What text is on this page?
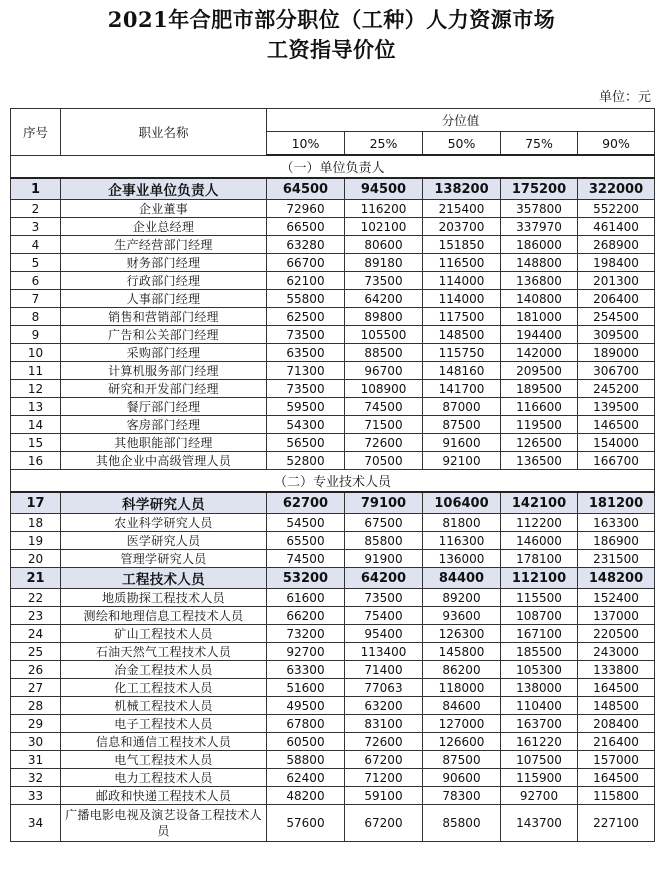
2021年合肥市部分职位（工种）人力资源市场
工资指导价位
单位：元
序号	职业名称	分位值				
		10%	25%	50%	75%	90%
（一）单位负责人						
1	企事业单位负责人	64500	94500	138200	175200	322000
2	企业董事	72960	116200	215400	357800	552200
3	企业总经理	66500	102100	203700	337970	461400
4	生产经营部门经理	63280	80600	151850	186000	268900
5	财务部门经理	66700	89180	116500	148800	198400
6	行政部门经理	62100	73500	114000	136800	201300
7	人事部门经理	55800	64200	114000	140800	206400
8	销售和营销部门经理	62500	89800	117500	181000	254500
9	广告和公关部门经理	73500	105500	148500	194400	309500
10	采购部门经理	63500	88500	115750	142000	189000
11	计算机服务部门经理	71300	96700	148160	209500	306700
12	研究和开发部门经理	73500	108900	141700	189500	245200
13	餐厅部门经理	59500	74500	87000	116600	139500
14	客房部门经理	54300	71500	87500	119500	146500
15	其他职能部门经理	56500	72600	91600	126500	154000
16	其他企业中高级管理人员	52800	70500	92100	136500	166700
（二）专业技术人员						
17	科学研究人员	62700	79100	106400	142100	181200
18	农业科学研究人员	54500	67500	81800	112200	163300
19	医学研究人员	65500	85800	116300	146000	186900
20	管理学研究人员	74500	91900	136000	178100	231500
21	工程技术人员	53200	64200	84400	112100	148200
22	地质勘探工程技术人员	61600	73500	89200	115500	152400
23	测绘和地理信息工程技术人员	66200	75400	93600	108700	137000
24	矿山工程技术人员	73200	95400	126300	167100	220500
25	石油天然气工程技术人员	92700	113400	145800	185500	243000
26	冶金工程技术人员	63300	71400	86200	105300	133800
27	化工工程技术人员	51600	77063	118000	138000	164500
28	机械工程技术人员	49500	63200	84600	110400	148500
29	电子工程技术人员	67800	83100	127000	163700	208400
30	信息和通信工程技术人员	60500	72600	126600	161220	216400
31	电气工程技术人员	58800	67200	87500	107500	157000
32	电力工程技术人员	62400	71200	90600	115900	164500
33	邮政和快递工程技术人员	48200	59100	78300	92700	115800
34	广播电影电视及演艺设备工程技术人员	57600	67200	85800	143700	227100
